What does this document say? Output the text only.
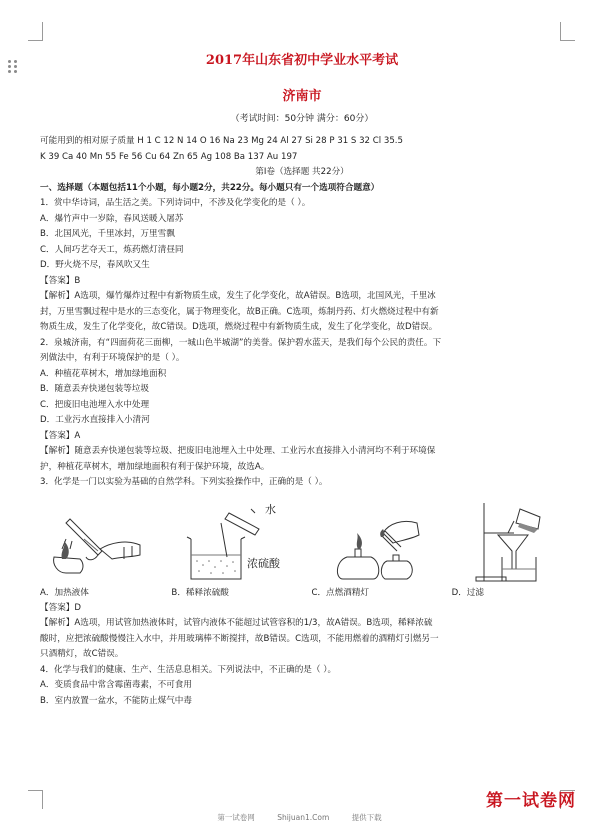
2017年山东省初中学业水平考试
济南市
（考试时间：50分钟 满分：60分）

可能用到的相对原子质量 H 1 C 12 N 14 O 16 Na 23 Mg 24 Al 27 Si 28 P 31 S 32 Cl 35.5

K 39 Ca 40 Mn 55 Fe 56 Cu 64 Zn 65 Ag 108 Ba 137 Au 197

第Ⅰ卷（选择题 共22分）

一、选择题（本题包括11个小题，每小题2分，共22分。每小题只有一个选项符合题意）

1．赏中华诗词，品生活之美。下列诗词中，不涉及化学变化的是（ ）。

A．爆竹声中一岁除，春风送暖入屠苏

B．北国风光，千里冰封，万里雪飘

C．人间巧艺夺天工，炼药燃灯清昼同

D．野火烧不尽，春风吹又生

【答案】B

【解析】A选项，爆竹爆炸过程中有新物质生成，发生了化学变化，故A错误。B选项，北国风光，千里冰

封，万里雪飘过程中是水的三态变化，属于物理变化，故B正确。C选项，炼制丹药、灯火燃烧过程中有新

物质生成，发生了化学变化，故C错误。D选项，燃烧过程中有新物质生成，发生了化学变化，故D错误。

2．泉城济南，有“四面荷花三面柳，一城山色半城湖”的美誉。保护碧水蓝天，是我们每个公民的责任。下

列做法中，有利于环境保护的是（ ）。

A．种植花草树木，增加绿地面积

B．随意丢弃快递包装等垃圾

C．把废旧电池埋入水中处理

D．工业污水直接排入小清河

【答案】A

【解析】随意丢弃快递包装等垃圾、把废旧电池埋入土中处理、工业污水直接排入小清河均不利于环境保

护，种植花草树木，增加绿地面积有利于保护环境，故选A。

3．化学是一门以实验为基础的自然学科。下列实验操作中，正确的是（ ）。

水
浓硫酸
A．加热液体	B．稀释浓硫酸	C．点燃酒精灯	D．过滤

【答案】D

【解析】A选项，用试管加热液体时，试管内液体不能超过试管容积的1/3，故A错误。B选项，稀释浓硫

酸时，应把浓硫酸慢慢注入水中，并用玻璃棒不断搅拌，故B错误。C选项，不能用燃着的酒精灯引燃另一

只酒精灯，故C错误。

4．化学与我们的健康、生产、生活息息相关。下列说法中，不正确的是（ ）。

A．变质食品中常含霉菌毒素，不可食用

B．室内放置一盆水，不能防止煤气中毒

第一试卷网
第一试卷网	Shijuan1.Com	提供下载
